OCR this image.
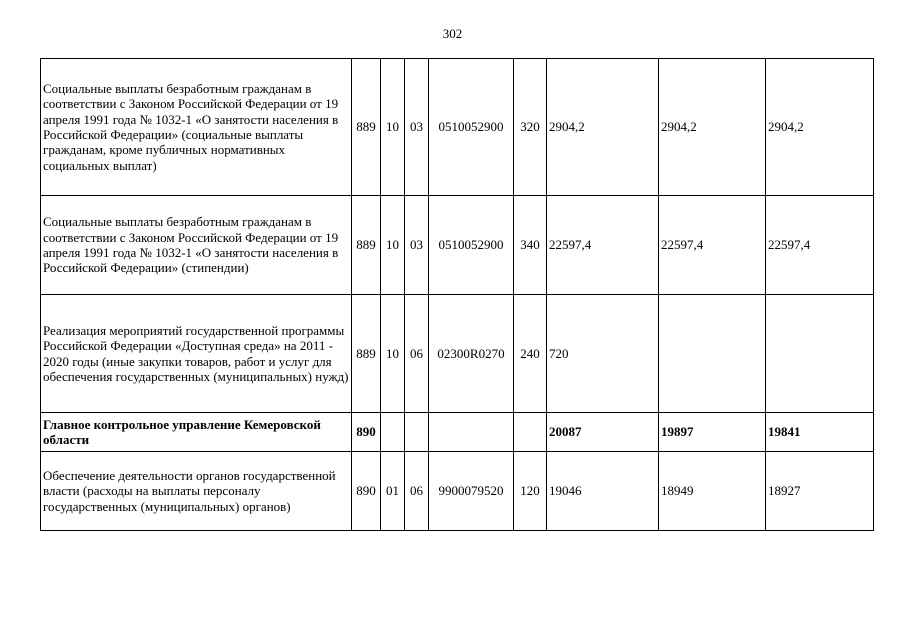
302
Социальные выплаты безработным гражданам в соответствии с Законом Российской Федерации от 19 апреля 1991 года № 1032-1 «О занятости населения в Российской Федерации» (социальные выплаты гражданам, кроме публичных нормативных социальных выплат)	889	10	03	0510052900	320	2904,2	2904,2	2904,2
Социальные выплаты безработным гражданам в соответствии с Законом Российской Федерации от 19 апреля 1991 года № 1032-1 «О занятости населения в Российской Федерации» (стипендии)	889	10	03	0510052900	340	22597,4	22597,4	22597,4
Реализация мероприятий государственной программы Российской Федерации «Доступная среда» на 2011 - 2020 годы (иные закупки товаров, работ и услуг для обеспечения государственных (муниципальных) нужд)	889	10	06	02300R0270	240	720		
Главное контрольное управление Кемеровской области	890					20087	19897	19841
Обеспечение деятельности органов государственной власти (расходы на выплаты персоналу государственных (муниципальных) органов)	890	01	06	9900079520	120	19046	18949	18927
